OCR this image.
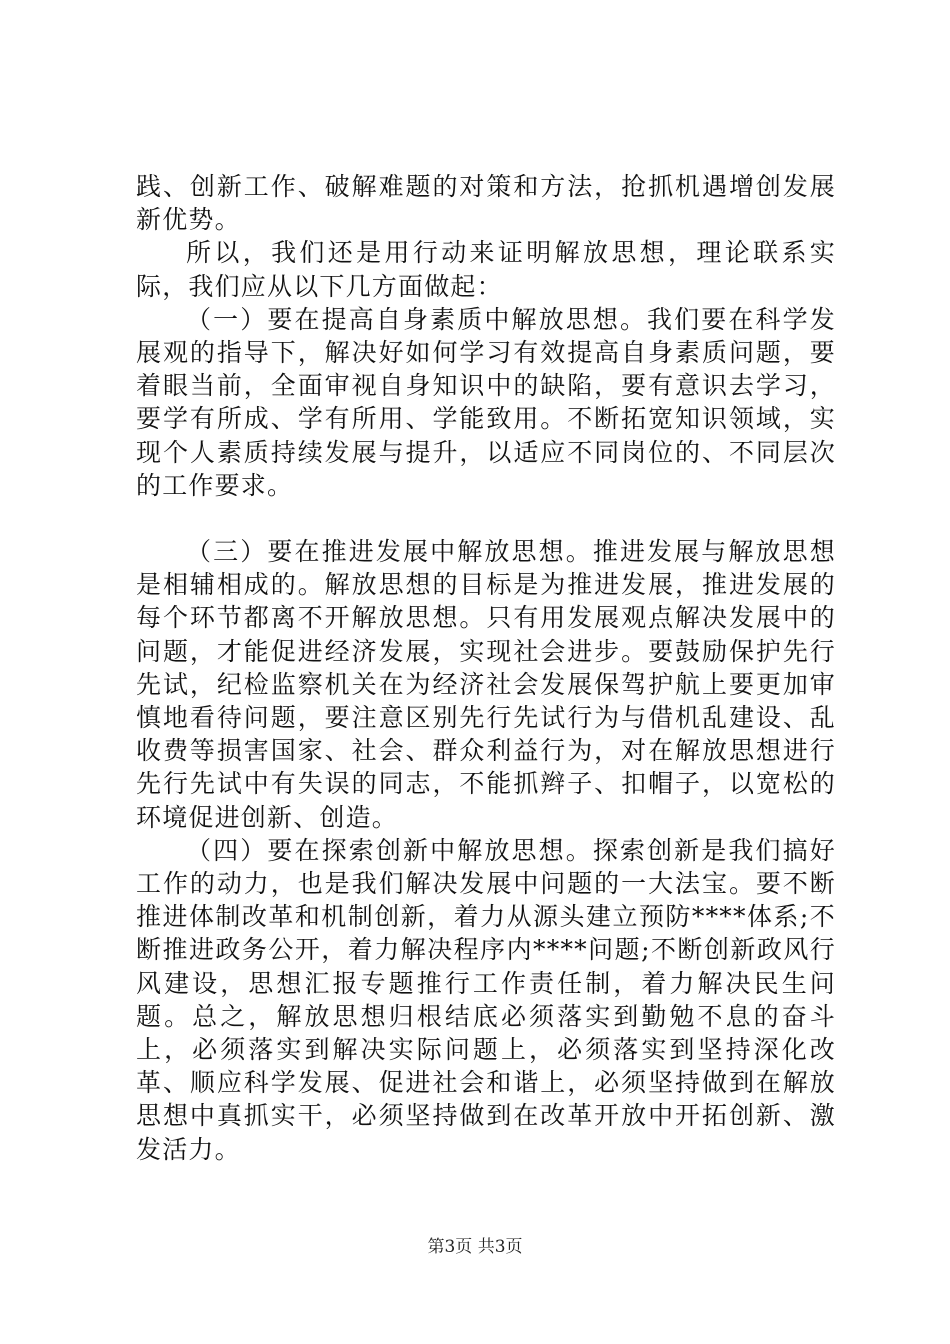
践、创新工作、破解难题的对策和方法，抢抓机遇增创发展新优势。

所以，我们还是用行动来证明解放思想，理论联系实际，我们应从以下几方面做起：

（一）要在提高自身素质中解放思想。我们要在科学发展观的指导下，解决好如何学习有效提高自身素质问题，要着眼当前，全面审视自身知识中的缺陷，要有意识去学习，要学有所成、学有所用、学能致用。不断拓宽知识领域，实现个人素质持续发展与提升，以适应不同岗位的、不同层次的工作要求。

（三）要在推进发展中解放思想。推进发展与解放思想是相辅相成的。解放思想的目标是为推进发展，推进发展的每个环节都离不开解放思想。只有用发展观点解决发展中的问题，才能促进经济发展，实现社会进步。要鼓励保护先行先试，纪检监察机关在为经济社会发展保驾护航上要更加审慎地看待问题，要注意区别先行先试行为与借机乱建设、乱收费等损害国家、社会、群众利益行为，对在解放思想进行先行先试中有失误的同志，不能抓辫子、扣帽子，以宽松的环境促进创新、创造。

（四）要在探索创新中解放思想。探索创新是我们搞好工作的动力，也是我们解决发展中问题的一大法宝。要不断推进体制改革和机制创新，着力从源头建立预防****体系;不断推进政务公开，着力解决程序内****问题;不断创新政风行风建设，思想汇报专题推行工作责任制，着力解决民生问题。总之，解放思想归根结底必须落实到勤勉不息的奋斗上，必须落实到解决实际问题上，必须落实到坚持深化改革、顺应科学发展、促进社会和谐上，必须坚持做到在解放思想中真抓实干，必须坚持做到在改革开放中开拓创新、激发活力。

第3页 共3页
